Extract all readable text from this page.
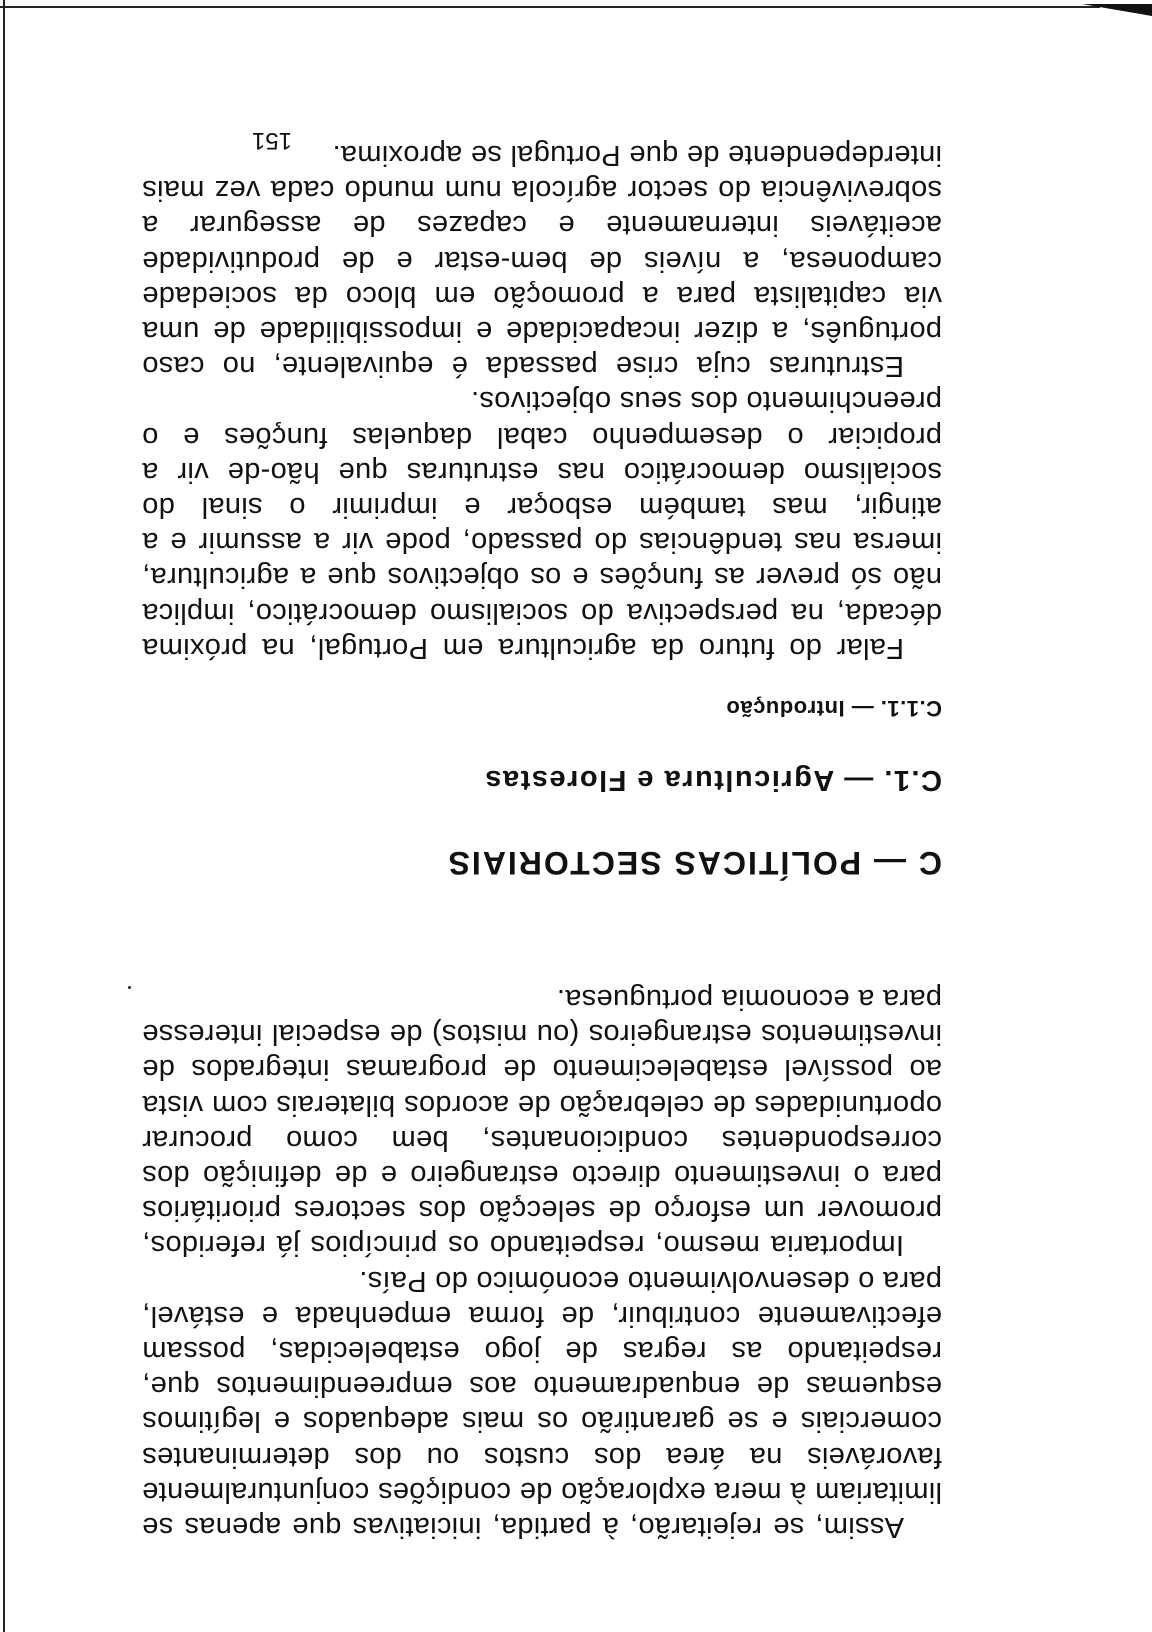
Assim, se rejeitarão, à partida, iniciativas que apenas se limitariam à mera exploração de condições conjunturalmente favoráveis na área dos custos ou dos determinantes comerciais e se garantirão os mais adequados e legítimos esquemas de enquadramento aos empreendimentos que, respeitando as regras de jogo estabelecidas, possam efectivamente contribuir, de forma empenhada e estável, para o desenvolvimento económico do País.

Importaria mesmo, respeitando os princípios já referidos, promover um esforço de selecção dos sectores prioritários para o investimento directo estrangeiro e de definição dos correspondentes condicionantes, bem como procurar oportunidades de celebração de acordos bilaterais com vista ao possível estabelecimento de programas integrados de investimentos estrangeiros (ou mistos) de especial interesse para a economia portuguesa.

C — POLÍTICAS SECTORIAIS
C.1. — Agricultura e Florestas
C.1.1. — Introdução

Falar do futuro da agricultura em Portugal, na próxima década, na perspectiva do socialismo democrático, implica não só prever as funções e os objectivos que a agricultura, imersa nas tendências do passado, pode vir a assumir e a atingir, mas também esboçar e imprimir o sinal do socialismo democrático nas estruturas que hão-de vir a propiciar o desempenho cabal daquelas funções e o preenchimento dos seus objectivos.

Estruturas cuja crise passada é equivalente, no caso português, a dizer incapacidade e impossibilidade de uma via capitalista para a promoção em bloco da sociedade camponesa, a níveis de bem-estar e de produtividade aceitáveis internamente e capazes de assegurar a sobrevivência do sector agrícola num mundo cada vez mais interdependente de que Portugal se aproxima.

151
